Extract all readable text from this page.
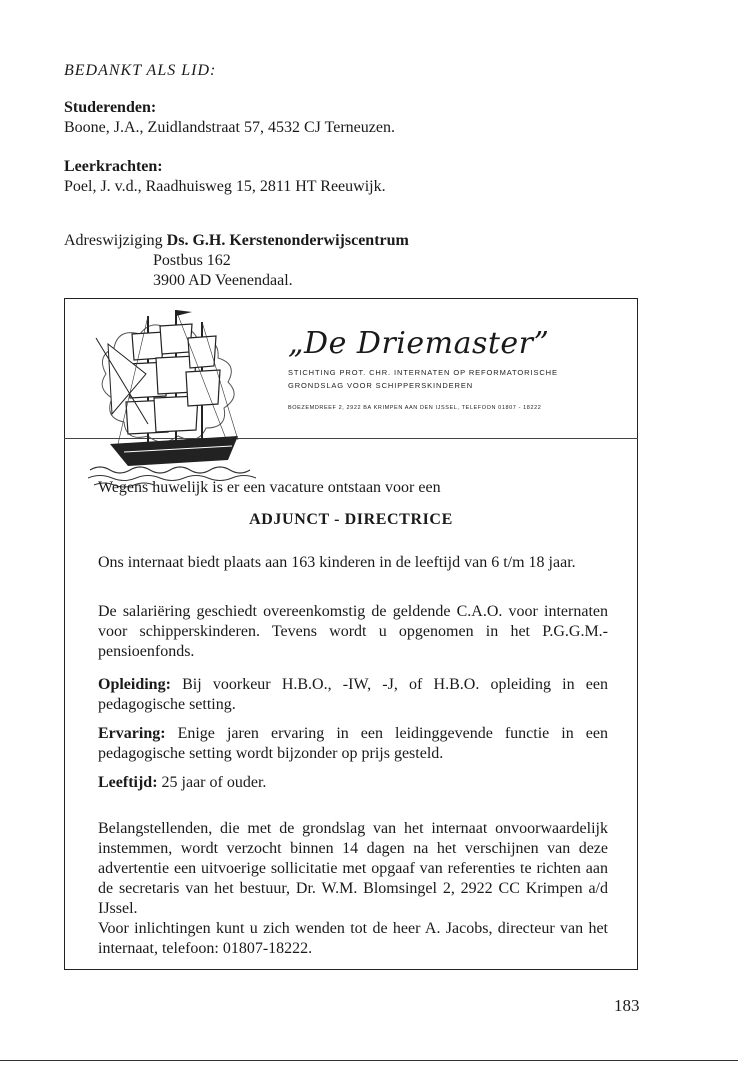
BEDANKT ALS LID:
Studerenden:
Boone, J.A., Zuidlandstraat 57, 4532 CJ Terneuzen.
Leerkrachten:
Poel, J. v.d., Raadhuisweg 15, 2811 HT Reeuwijk.
Adreswijziging Ds. G.H. Kerstenonderwijscentrum
Postbus 162
3900 AD Veenendaal.
„De Driemaster”
STICHTING PROT. CHR. INTERNATEN OP REFORMATORISCHE
GRONDSLAG VOOR SCHIPPERSKINDEREN
BOEZEMDREEF 2, 2922 BA KRIMPEN AAN DEN IJSSEL, TELEFOON 01807 - 18222
Wegens huwelijk is er een vacature ontstaan voor een
ADJUNCT - DIRECTRICE
Ons internaat biedt plaats aan 163 kinderen in de leeftijd van 6 t/m 18 jaar.
De salariëring geschiedt overeenkomstig de geldende C.A.O. voor internaten voor schipperskinderen. Tevens wordt u opgenomen in het P.G.G.M.-pensioenfonds.
Opleiding: Bij voorkeur H.B.O., -IW, -J, of H.B.O. opleiding in een pedagogische setting.
Ervaring: Enige jaren ervaring in een leidinggevende functie in een pedagogische setting wordt bijzonder op prijs gesteld.
Leeftijd: 25 jaar of ouder.
Belangstellenden, die met de grondslag van het internaat onvoorwaardelijk instemmen, wordt verzocht binnen 14 dagen na het verschijnen van deze advertentie een uitvoerige sollicitatie met opgaaf van referenties te richten aan de secretaris van het bestuur, Dr. W.M. Blomsingel 2, 2922 CC Krimpen a/d IJssel.
Voor inlichtingen kunt u zich wenden tot de heer A. Jacobs, directeur van het internaat, telefoon: 01807-18222.
183
